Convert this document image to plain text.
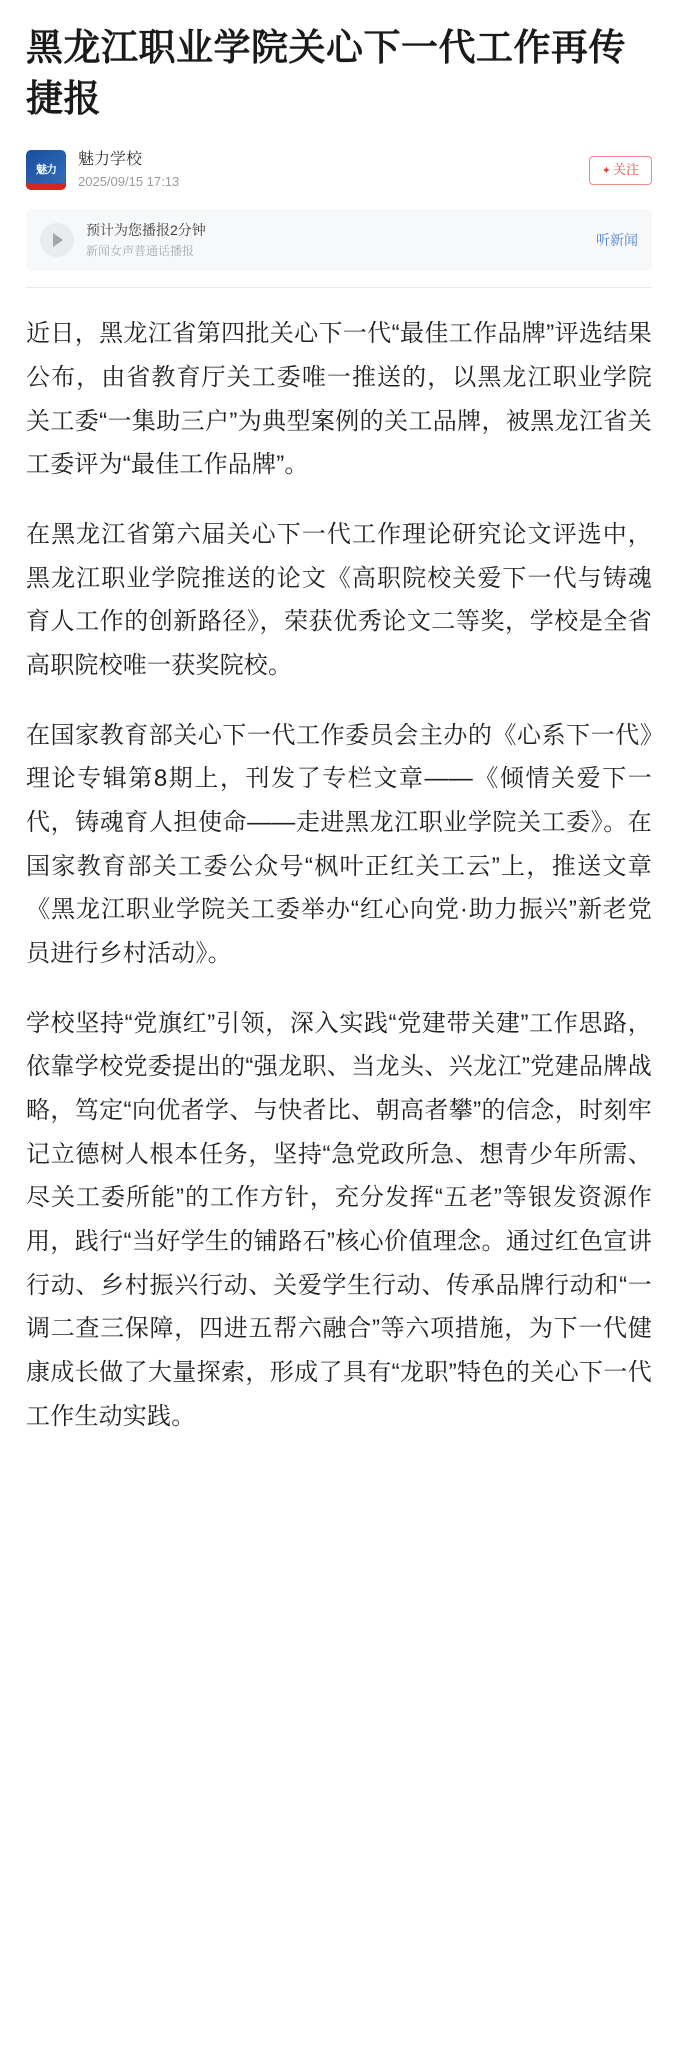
黑龙江职业学院关心下一代工作再传捷报
魅力
魅力学校
2025/09/15 17:13
✦ 关注
预计为您播报2分钟
新闻女声普通话播报
听新闻

近日，黑龙江省第四批关心下一代“最佳工作品牌”评选结果公布，由省教育厅关工委唯一推送的，以黑龙江职业学院关工委“一集助三户”为典型案例的关工品牌，被黑龙江省关工委评为“最佳工作品牌”。

在黑龙江省第六届关心下一代工作理论研究论文评选中，黑龙江职业学院推送的论文《高职院校关爱下一代与铸魂育人工作的创新路径》，荣获优秀论文二等奖，学校是全省高职院校唯一获奖院校。

在国家教育部关心下一代工作委员会主办的《心系下一代》理论专辑第8期上，刊发了专栏文章——《倾情关爱下一代，铸魂育人担使命——走进黑龙江职业学院关工委》。在国家教育部关工委公众号“枫叶正红关工云”上，推送文章《黑龙江职业学院关工委举办“红心向党·助力振兴”新老党员进行乡村活动》。

学校坚持“党旗红”引领，深入实践“党建带关建”工作思路，依靠学校党委提出的“强龙职、当龙头、兴龙江”党建品牌战略，笃定“向优者学、与快者比、朝高者攀”的信念，时刻牢记立德树人根本任务，坚持“急党政所急、想青少年所需、尽关工委所能”的工作方针，充分发挥“五老”等银发资源作用，践行“当好学生的铺路石”核心价值理念。通过红色宣讲行动、乡村振兴行动、关爱学生行动、传承品牌行动和“一调二查三保障，四进五帮六融合”等六项措施，为下一代健康成长做了大量探索，形成了具有“龙职”特色的关心下一代工作生动实践。
